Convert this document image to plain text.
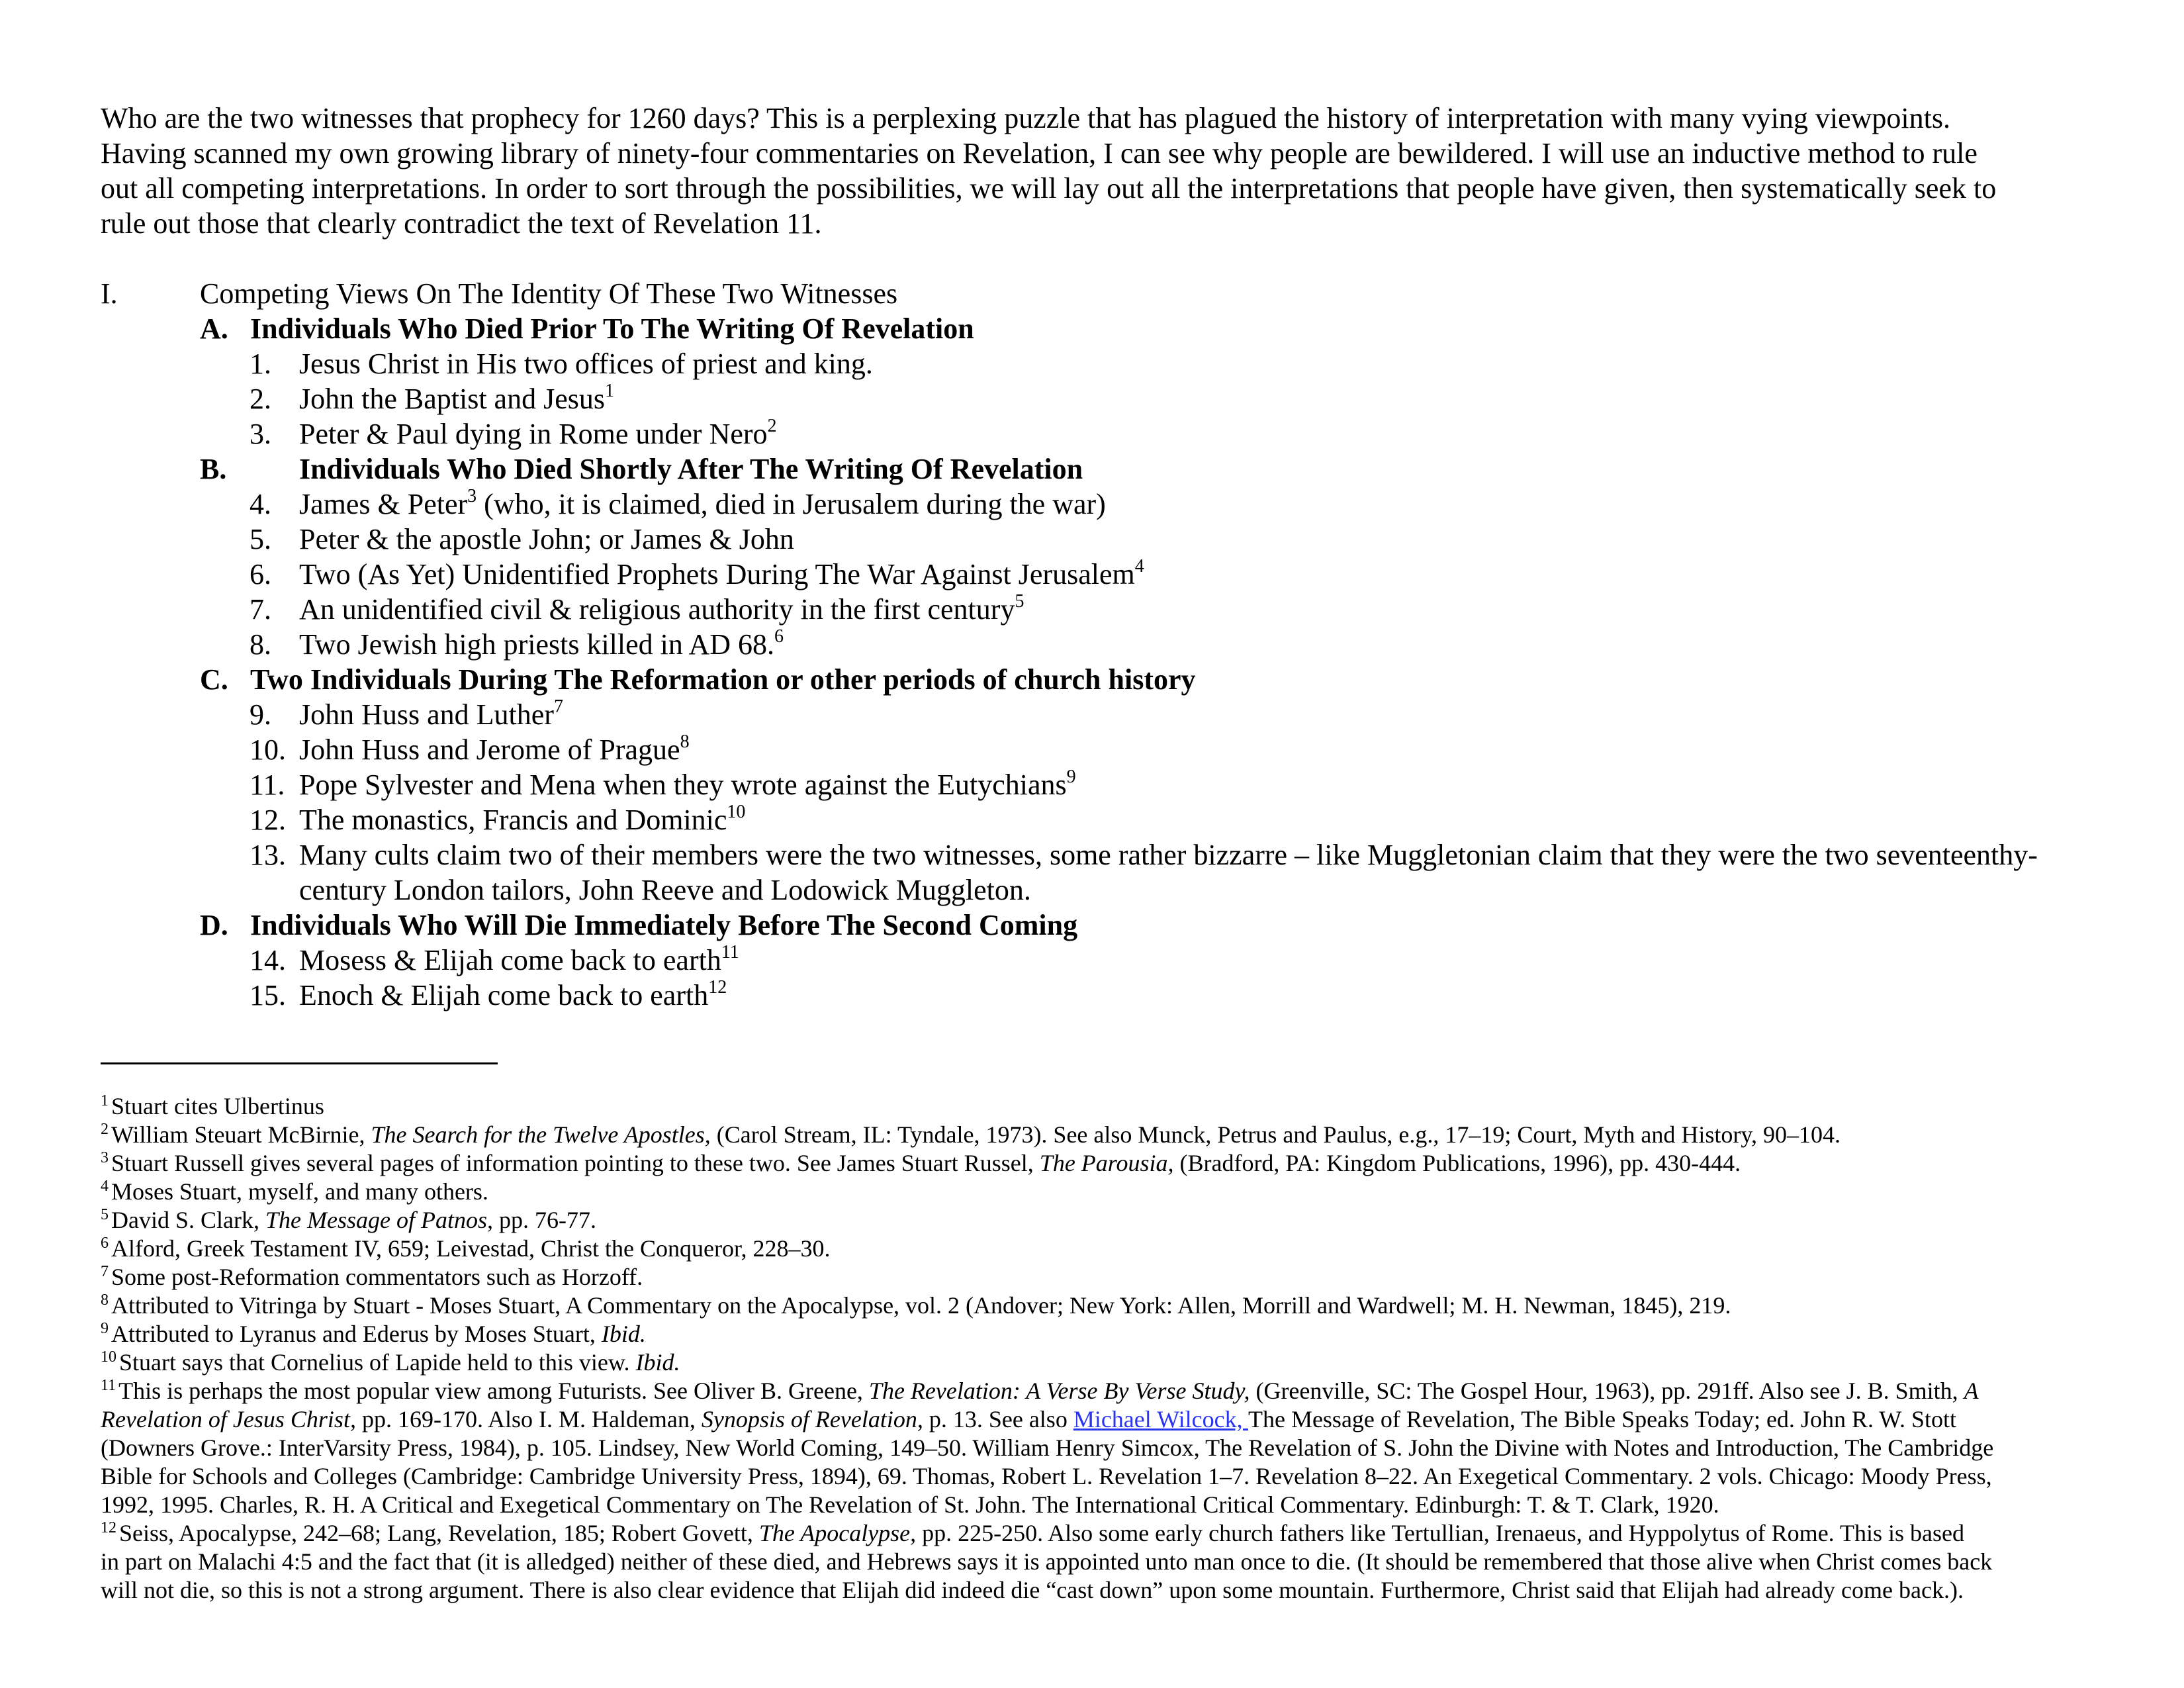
Who are the two witnesses that prophecy for 1260 days? This is a perplexing puzzle that has plagued the history of interpretation with many vying viewpoints.
Having scanned my own growing library of ninety-four commentaries on Revelation, I can see why people are bewildered. I will use an inductive method to rule
out all competing interpretations. In order to sort through the possibilities, we will lay out all the interpretations that people have given, then systematically seek to
rule out those that clearly contradict the text of Revelation 11.
I.	Competing Views On The Identity Of These Two Witnesses
A. Individuals Who Died Prior To The Writing Of Revelation
1. Jesus Christ in His two offices of priest and king.
2. John the Baptist and Jesus$^1$
3. Peter & Paul dying in Rome under Nero$^2$
B. Individuals Who Died Shortly After The Writing Of Revelation
4. James & Peter$^3$ (who, it is claimed, died in Jerusalem during the war)
5. Peter & the apostle John; or James & John
6. Two (As Yet) Unidentified Prophets During The War Against Jerusalem$^4$
7. An unidentified civil & religious authority in the first century$^5$
8. Two Jewish high priests killed in AD 68.$^6$
C. Two Individuals During The Reformation or other periods of church history
9. John Huss and Luther$^7$
10. John Huss and Jerome of Prague$^8$
11. Pope Sylvester and Mena when they wrote against the Eutychians$^9$
12. The monastics, Francis and Dominic$^{10}$
13. Many cults claim two of their members were the two witnesses, some rather bizzarre – like Muggletonian claim that they were the two seventeenthy-
century London tailors, John Reeve and Lodowick Muggleton.
D. Individuals Who Will Die Immediately Before The Second Coming
14. Mosess & Elijah come back to earth$^{11}$
15. Enoch & Elijah come back to earth$^{12}$
$^1$ Stuart cites Ulbertinus
$^2$ William Steuart McBirnie, The Search for the Twelve Apostles, (Carol Stream, IL: Tyndale, 1973). See also Munck, Petrus and Paulus, e.g., 17–19; Court, Myth and History, 90–104.
$^3$ Stuart Russell gives several pages of information pointing to these two. See James Stuart Russel, The Parousia, (Bradford, PA: Kingdom Publications, 1996), pp. 430-444.
$^4$ Moses Stuart, myself, and many others.
$^5$ David S. Clark, The Message of Patnos, pp. 76-77.
$^6$ Alford, Greek Testament IV, 659; Leivestad, Christ the Conqueror, 228–30.
$^7$ Some post-Reformation commentators such as Horzoff.
$^8$ Attributed to Vitringa by Stuart - Moses Stuart, A Commentary on the Apocalypse, vol. 2 (Andover; New York: Allen, Morrill and Wardwell; M. H. Newman, 1845), 219.
$^9$ Attributed to Lyranus and Ederus by Moses Stuart, Ibid.
$^{10}$ Stuart says that Cornelius of Lapide held to this view. Ibid.
$^{11}$ This is perhaps the most popular view among Futurists. See Oliver B. Greene, The Revelation: A Verse By Verse Study, (Greenville, SC: The Gospel Hour, 1963), pp. 291ff. Also see J. B. Smith, A
Revelation of Jesus Christ, pp. 169-170. Also I. M. Haldeman, Synopsis of Revelation, p. 13. See also Michael Wilcock, The Message of Revelation, The Bible Speaks Today; ed. John R. W. Stott
(Downers Grove.: InterVarsity Press, 1984), p. 105. Lindsey, New World Coming, 149–50. William Henry Simcox, The Revelation of S. John the Divine with Notes and Introduction, The Cambridge
Bible for Schools and Colleges (Cambridge: Cambridge University Press, 1894), 69. Thomas, Robert L. Revelation 1–7. Revelation 8–22. An Exegetical Commentary. 2 vols. Chicago: Moody Press,
1992, 1995. Charles, R. H. A Critical and Exegetical Commentary on The Revelation of St. John. The International Critical Commentary. Edinburgh: T. & T. Clark, 1920.
$^{12}$ Seiss, Apocalypse, 242–68; Lang, Revelation, 185; Robert Govett, The Apocalypse, pp. 225-250. Also some early church fathers like Tertullian, Irenaeus, and Hyppolytus of Rome. This is based
in part on Malachi 4:5 and the fact that (it is alledged) neither of these died, and Hebrews says it is appointed unto man once to die. (It should be remembered that those alive when Christ comes back
will not die, so this is not a strong argument. There is also clear evidence that Elijah did indeed die “cast down” upon some mountain. Furthermore, Christ said that Elijah had already come back.).
